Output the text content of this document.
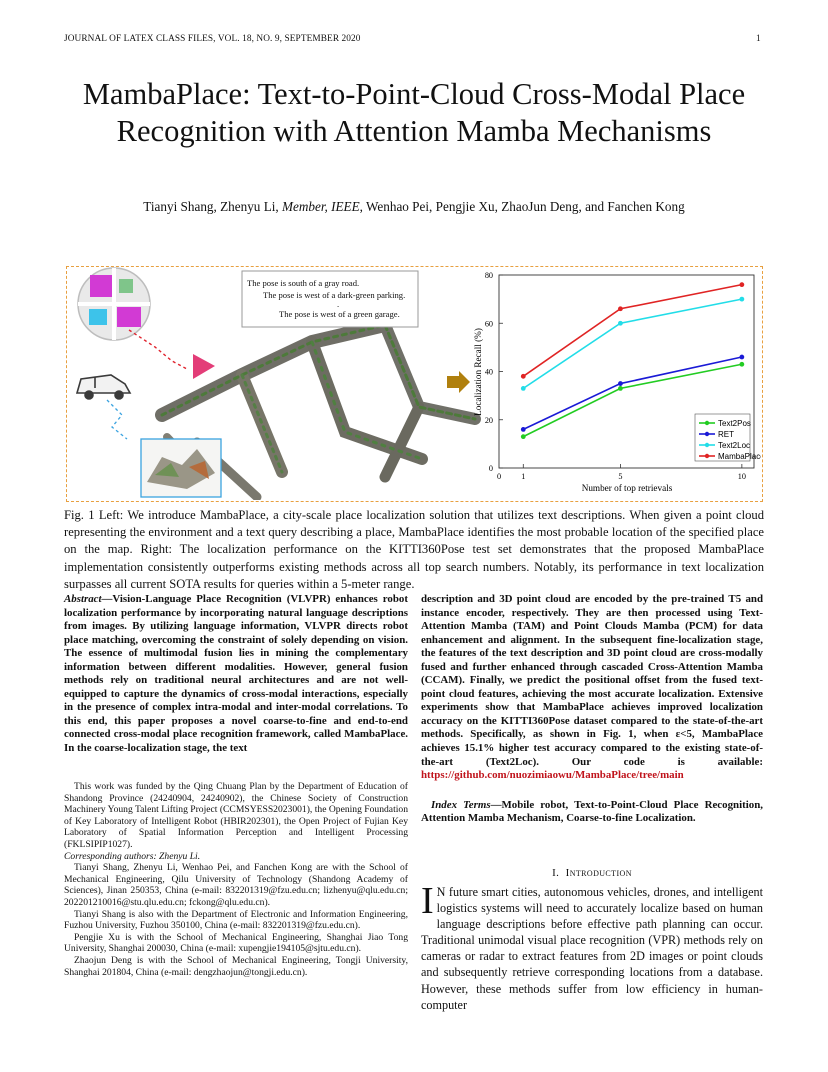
JOURNAL OF LATEX CLASS FILES, VOL. 18, NO. 9, SEPTEMBER 2020	1
MambaPlace: Text-to-Point-Cloud Cross-Modal Place Recognition with Attention Mamba Mechanisms
Tianyi Shang, Zhenyu Li, Member, IEEE, Wenhao Pei, Pengjie Xu, ZhaoJun Deng, and Fanchen Kong
0
20
40
60
80
1	5	10
0
Number of top retrievals
Localization Recall (%)
Text2Pos
RET
Text2Loc
MambaPlace
The pose is south of a gray road.
The pose is west of a dark-green parking.
.
The pose is west of a green garage.
Fig. 1 Left: We introduce MambaPlace, a city-scale place localization solution that utilizes text descriptions. When given a point cloud representing the environment and a text query describing a place, MambaPlace identifies the most probable location of the specified place on the map. Right: The localization performance on the KITTI360Pose test set demonstrates that the proposed MambaPlace implementation consistently outperforms existing methods across all top search numbers. Notably, its performance in text localization surpasses all current SOTA results for queries within a 5-meter range.
Abstract—Vision-Language Place Recognition (VLVPR) enhances robot localization performance by incorporating natural language descriptions from images. By utilizing language information, VLVPR directs robot place matching, overcoming the constraint of solely depending on vision. The essence of multimodal fusion lies in mining the complementary information between different modalities. However, general fusion methods rely on traditional neural architectures and are not well-equipped to capture the dynamics of cross-modal interactions, especially in the presence of complex intra-modal and inter-modal correlations. To this end, this paper proposes a novel coarse-to-fine and end-to-end connected cross-modal place recognition framework, called MambaPlace. In the coarse-localization stage, the text

This work was funded by the Qing Chuang Plan by the Department of Education of Shandong Province (24240904, 24240902), the Chinese Society of Construction Machinery Young Talent Lifting Project (CCMSYESS2023001), the Opening Foundation of Key Laboratory of Intelligent Robot (HBIR202301), the Open Project of Fujian Key Laboratory of Spatial Information Perception and Intelligent Processing (FKLSIPIP1027).

Corresponding authors: Zhenyu Li.

Tianyi Shang, Zhenyu Li, Wenhao Pei, and Fanchen Kong are with the School of Mechanical Engineering, Qilu University of Technology (Shandong Academy of Sciences), Jinan 250353, China (e-mail: 832201319@fzu.edu.cn; lizhenyu@qlu.edu.cn; 202201210016@stu.qlu.edu.cn; fckong@qlu.edu.cn).

Tianyi Shang is also with the Department of Electronic and Information Engineering, Fuzhou University, Fuzhou 350100, China (e-mail: 832201319@fzu.edu.cn).

Pengjie Xu is with the School of Mechanical Engineering, Shanghai Jiao Tong University, Shanghai 200030, China (e-mail: xupengjie194105@sjtu.edu.cn).

Zhaojun Deng is with the School of Mechanical Engineering, Tongji University, Shanghai 201804, China (e-mail: dengzhaojun@tongji.edu.cn).

description and 3D point cloud are encoded by the pre-trained T5 and instance encoder, respectively. They are then processed using Text-Attention Mamba (TAM) and Point Clouds Mamba (PCM) for data enhancement and alignment. In the subsequent fine-localization stage, the features of the text description and 3D point cloud are cross-modally fused and further enhanced through cascaded Cross-Attention Mamba (CCAM). Finally, we predict the positional offset from the fused text-point cloud features, achieving the most accurate localization. Extensive experiments show that MambaPlace achieves improved localization accuracy on the KITTI360Pose dataset compared to the state-of-the-art methods. Specifically, as shown in Fig. 1, when ε<5, MambaPlace achieves 15.1% higher test accuracy compared to the existing state-of-the-art (Text2Loc). Our code is available: https://github.com/nuozimiaowu/MambaPlace/tree/main
Index Terms—Mobile robot, Text-to-Point-Cloud Place Recognition, Attention Mamba Mechanism, Coarse-to-fine Localization.
I. Introduction
I N future smart cities, autonomous vehicles, drones, and intelligent logistics systems will need to accurately localize based on human language descriptions before effective path planning can occur. Traditional unimodal visual place recognition (VPR) methods rely on cameras or radar to extract features from 2D images or point clouds and subsequently retrieve corresponding locations from a database. However, these methods suffer from low efficiency in human-computer
